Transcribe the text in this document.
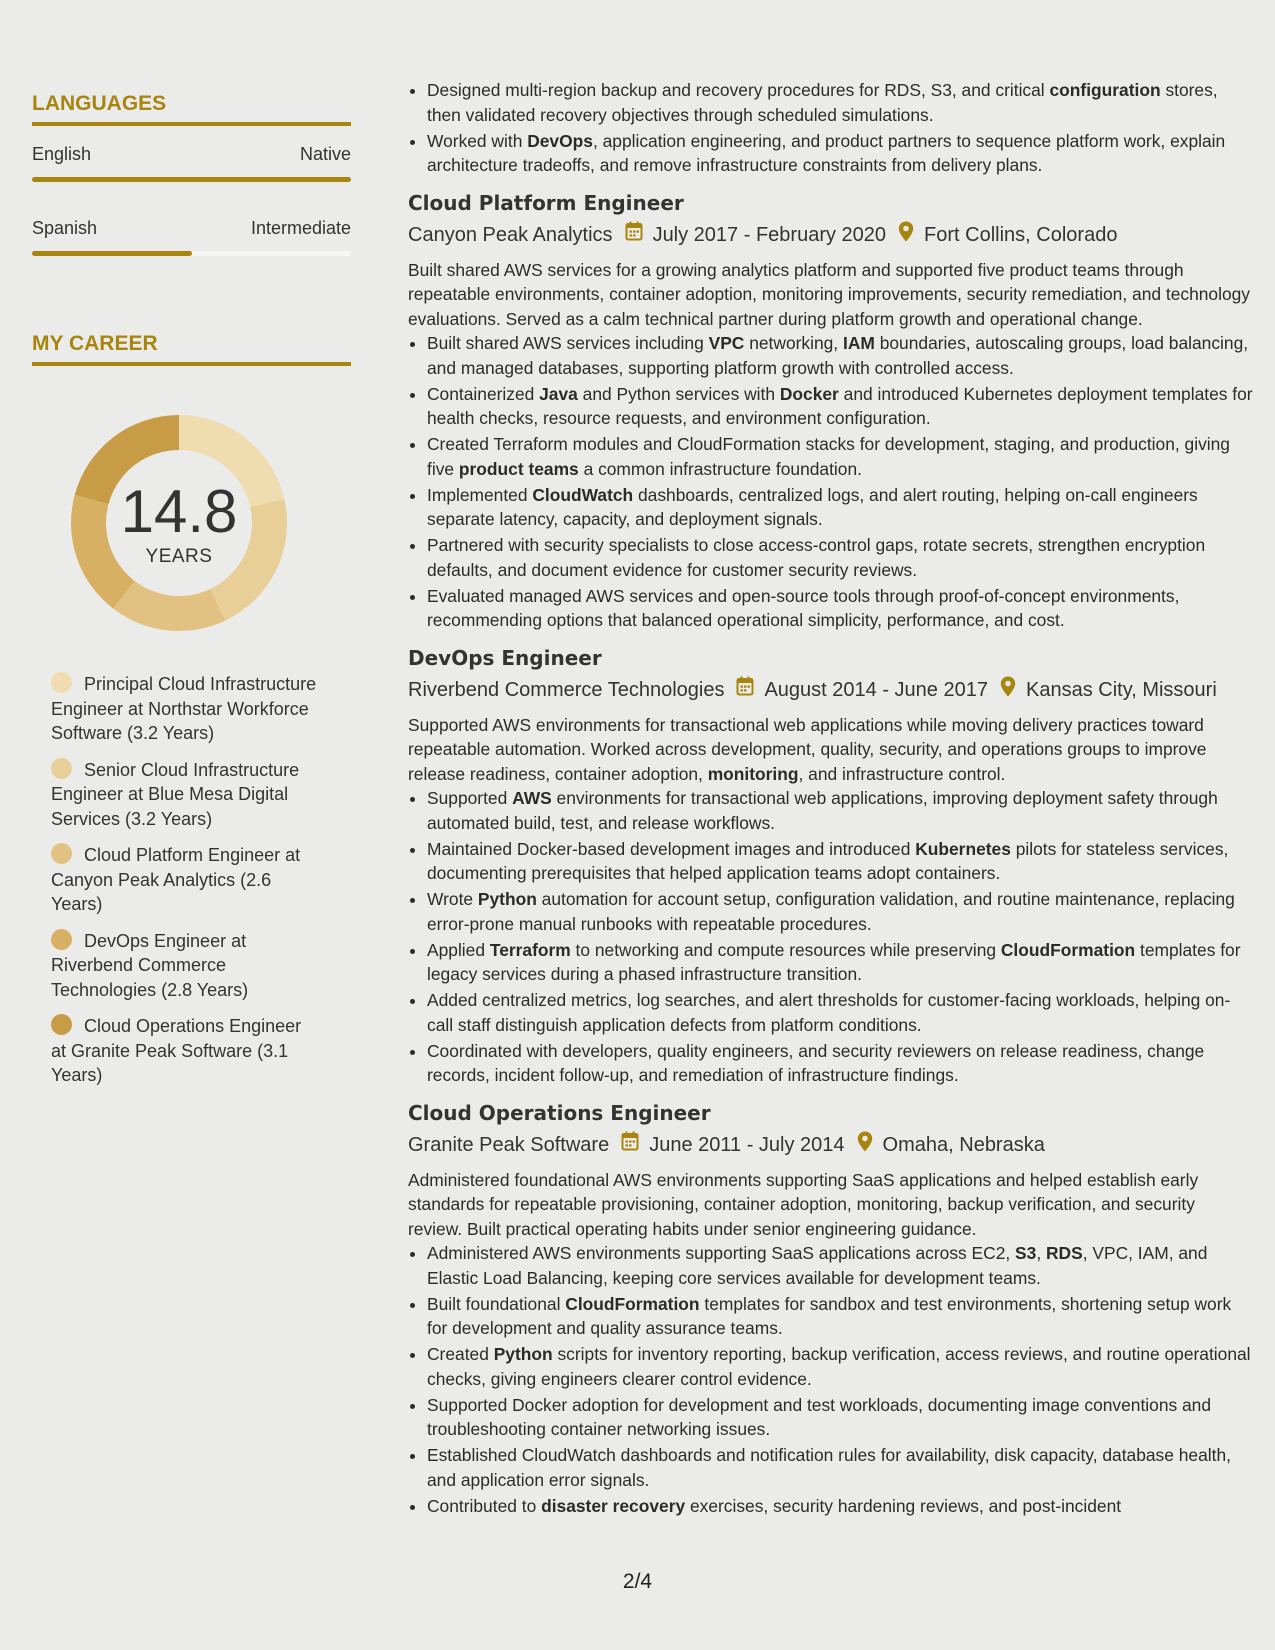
LANGUAGES
English	Native
Spanish	Intermediate
MY CAREER
14.8
YEARS
Principal Cloud Infrastructure Engineer at Northstar Workforce Software (3.2 Years)
Senior Cloud Infrastructure Engineer at Blue Mesa Digital Services (3.2 Years)
Cloud Platform Engineer at Canyon Peak Analytics (2.6 Years)
DevOps Engineer at Riverbend Commerce Technologies (2.8 Years)
Cloud Operations Engineer at Granite Peak Software (3.1 Years)
• Designed multi-region backup and recovery procedures for RDS, S3, and critical configuration stores, then validated recovery objectives through scheduled simulations.
• Worked with DevOps, application engineering, and product partners to sequence platform work, explain architecture tradeoffs, and remove infrastructure constraints from delivery plans.
Cloud Platform Engineer
Canyon Peak Analytics July 2017 - February 2020 Fort Collins, Colorado

Built shared AWS services for a growing analytics platform and supported five product teams through repeatable environments, container adoption, monitoring improvements, security remediation, and technology evaluations. Served as a calm technical partner during platform growth and operational change.

• Built shared AWS services including VPC networking, IAM boundaries, autoscaling groups, load balancing, and managed databases, supporting platform growth with controlled access.
• Containerized Java and Python services with Docker and introduced Kubernetes deployment templates for health checks, resource requests, and environment configuration.
• Created Terraform modules and CloudFormation stacks for development, staging, and production, giving five product teams a common infrastructure foundation.
• Implemented CloudWatch dashboards, centralized logs, and alert routing, helping on-call engineers separate latency, capacity, and deployment signals.
• Partnered with security specialists to close access-control gaps, rotate secrets, strengthen encryption defaults, and document evidence for customer security reviews.
• Evaluated managed AWS services and open-source tools through proof-of-concept environments, recommending options that balanced operational simplicity, performance, and cost.
DevOps Engineer
Riverbend Commerce Technologies August 2014 - June 2017 Kansas City, Missouri

Supported AWS environments for transactional web applications while moving delivery practices toward repeatable automation. Worked across development, quality, security, and operations groups to improve release readiness, container adoption, monitoring, and infrastructure control.

• Supported AWS environments for transactional web applications, improving deployment safety through automated build, test, and release workflows.
• Maintained Docker-based development images and introduced Kubernetes pilots for stateless services, documenting prerequisites that helped application teams adopt containers.
• Wrote Python automation for account setup, configuration validation, and routine maintenance, replacing error-prone manual runbooks with repeatable procedures.
• Applied Terraform to networking and compute resources while preserving CloudFormation templates for legacy services during a phased infrastructure transition.
• Added centralized metrics, log searches, and alert thresholds for customer-facing workloads, helping on-call staff distinguish application defects from platform conditions.
• Coordinated with developers, quality engineers, and security reviewers on release readiness, change records, incident follow-up, and remediation of infrastructure findings.
Cloud Operations Engineer
Granite Peak Software June 2011 - July 2014 Omaha, Nebraska

Administered foundational AWS environments supporting SaaS applications and helped establish early standards for repeatable provisioning, container adoption, monitoring, backup verification, and security review. Built practical operating habits under senior engineering guidance.

• Administered AWS environments supporting SaaS applications across EC2, S3, RDS, VPC, IAM, and Elastic Load Balancing, keeping core services available for development teams.
• Built foundational CloudFormation templates for sandbox and test environments, shortening setup work for development and quality assurance teams.
• Created Python scripts for inventory reporting, backup verification, access reviews, and routine operational checks, giving engineers clearer control evidence.
• Supported Docker adoption for development and test workloads, documenting image conventions and troubleshooting container networking issues.
• Established CloudWatch dashboards and notification rules for availability, disk capacity, database health, and application error signals.
• Contributed to disaster recovery exercises, security hardening reviews, and post-incident
2/4
